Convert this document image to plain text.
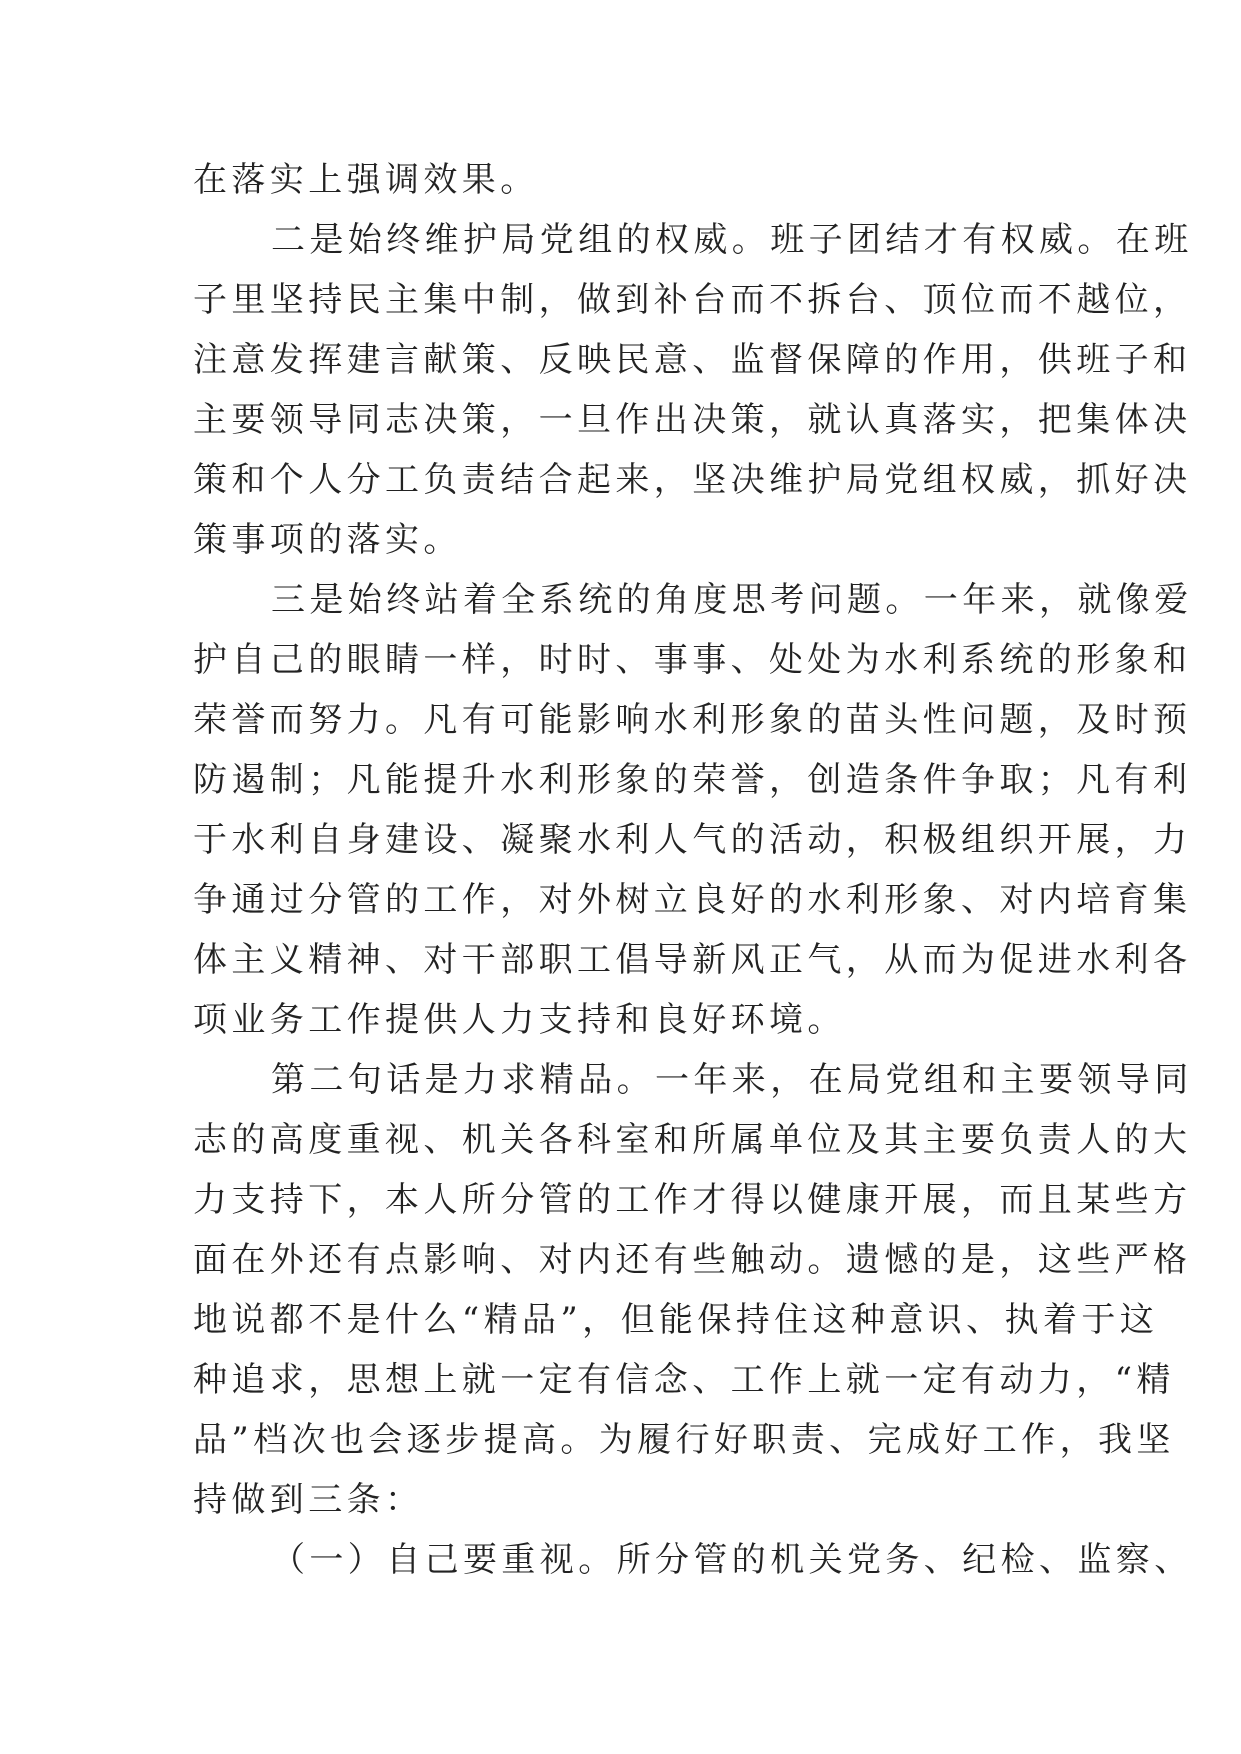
在落实上强调效果。
二是始终维护局党组的权威。班子团结才有权威。在班
子里坚持民主集中制，做到补台而不拆台、顶位而不越位，
注意发挥建言献策、反映民意、监督保障的作用，供班子和
主要领导同志决策，一旦作出决策，就认真落实，把集体决
策和个人分工负责结合起来，坚决维护局党组权威，抓好决
策事项的落实。
三是始终站着全系统的角度思考问题。一年来，就像爱
护自己的眼睛一样，时时、事事、处处为水利系统的形象和
荣誉而努力。凡有可能影响水利形象的苗头性问题，及时预
防遏制；凡能提升水利形象的荣誉，创造条件争取；凡有利
于水利自身建设、凝聚水利人气的活动，积极组织开展，力
争通过分管的工作，对外树立良好的水利形象、对内培育集
体主义精神、对干部职工倡导新风正气，从而为促进水利各
项业务工作提供人力支持和良好环境。
第二句话是力求精品。一年来，在局党组和主要领导同
志的高度重视、机关各科室和所属单位及其主要负责人的大
力支持下，本人所分管的工作才得以健康开展，而且某些方
面在外还有点影响、对内还有些触动。遗憾的是，这些严格
地说都不是什么“精品”，但能保持住这种意识、执着于这
种追求，思想上就一定有信念、工作上就一定有动力，“精
品”档次也会逐步提高。为履行好职责、完成好工作，我坚
持做到三条：
（一）自己要重视。所分管的机关党务、纪检、监察、
